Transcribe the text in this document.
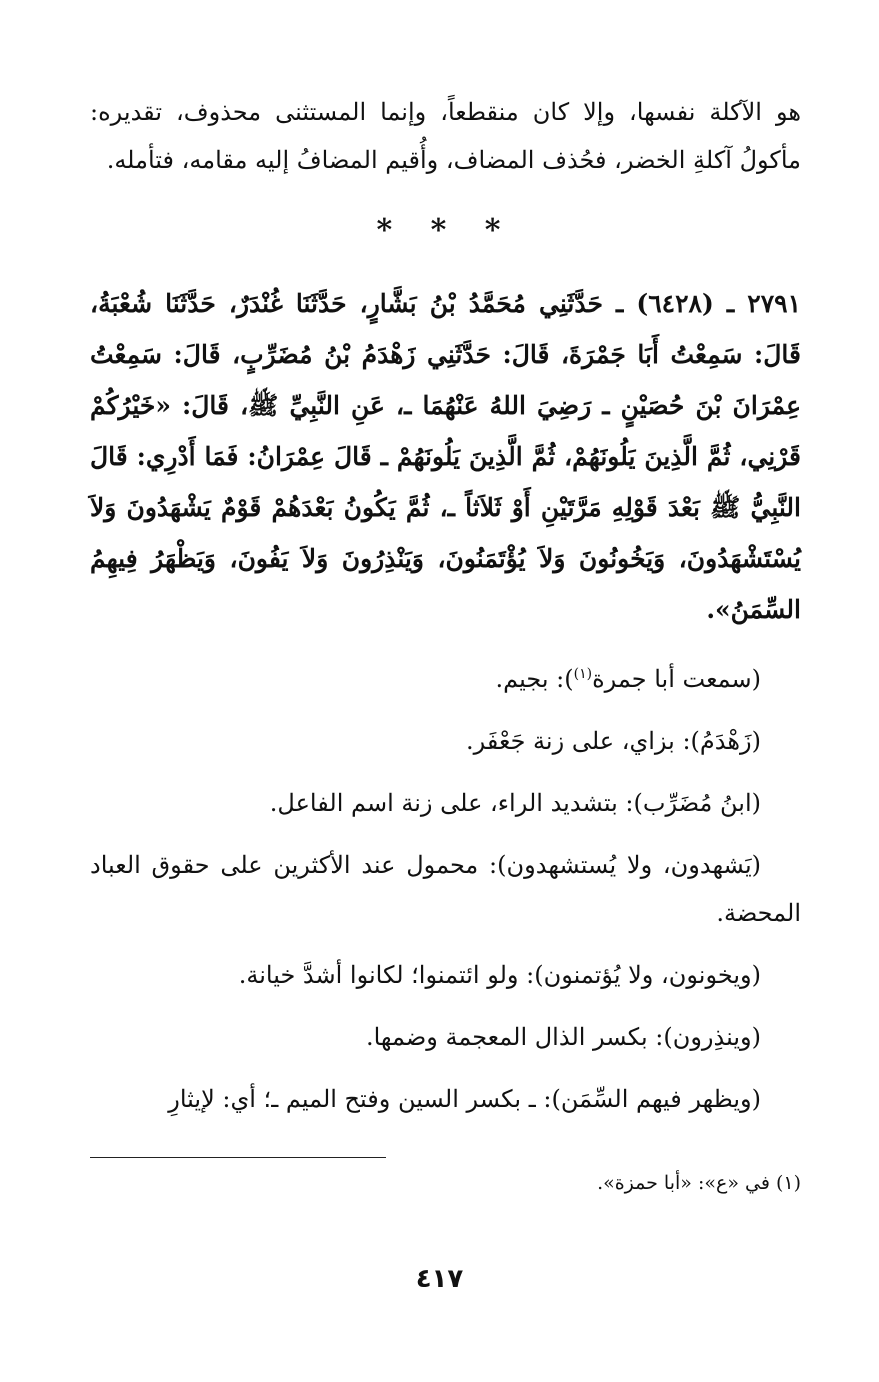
هو الآكلة نفسها، وإلا كان منقطعاً، وإنما المستثنى محذوف، تقديره: مأكولُ آكلةِ الخضر، فحُذف المضاف، وأُقيم المضافُ إليه مقامه، فتأمله.

* * *

٢٧٩١ ـ (٦٤٢٨) ـ حَدَّثَنِي مُحَمَّدُ بْنُ بَشَّارٍ، حَدَّثَنَا غُنْدَرٌ، حَدَّثَنَا شُعْبَةُ، قَالَ: سَمِعْتُ أَبَا جَمْرَةَ، قَالَ: حَدَّثَنِي زَهْدَمُ بْنُ مُضَرِّبٍ، قَالَ: سَمِعْتُ عِمْرَانَ بْنَ حُصَيْنٍ ـ رَضِيَ اللهُ عَنْهُمَا ـ، عَنِ النَّبِيِّ ﷺ، قَالَ: «خَيْرُكُمْ قَرْنِي، ثُمَّ الَّذِينَ يَلُونَهُمْ، ثُمَّ الَّذِينَ يَلُونَهُمْ ـ قَالَ عِمْرَانُ: فَمَا أَدْرِي: قَالَ النَّبِيُّ ﷺ بَعْدَ قَوْلِهِ مَرَّتَيْنِ أَوْ ثَلاَثاً ـ، ثُمَّ يَكُونُ بَعْدَهُمْ قَوْمٌ يَشْهَدُونَ وَلاَ يُسْتَشْهَدُونَ، وَيَخُونُونَ وَلاَ يُؤْتَمَنُونَ، وَيَنْذِرُونَ وَلاَ يَفُونَ، وَيَظْهَرُ فِيهِمُ السِّمَنُ».

(سمعت أبا جمرة$^{(١)}$): بجيم.

(زَهْدَمُ): بزاي، على زنة جَعْفَر.

(ابنُ مُضَرِّب): بتشديد الراء، على زنة اسم الفاعل.

(يَشهدون، ولا يُستشهدون): محمول عند الأكثرين على حقوق العباد المحضة.

(ويخونون، ولا يُؤتمنون): ولو ائتمنوا؛ لكانوا أشدَّ خيانة.

(وينذِرون): بكسر الذال المعجمة وضمها.

(ويظهر فيهم السِّمَن): ـ بكسر السين وفتح الميم ـ؛ أي: لإيثارِ

(١) في «ع»: «أبا حمزة».

٤١٧
